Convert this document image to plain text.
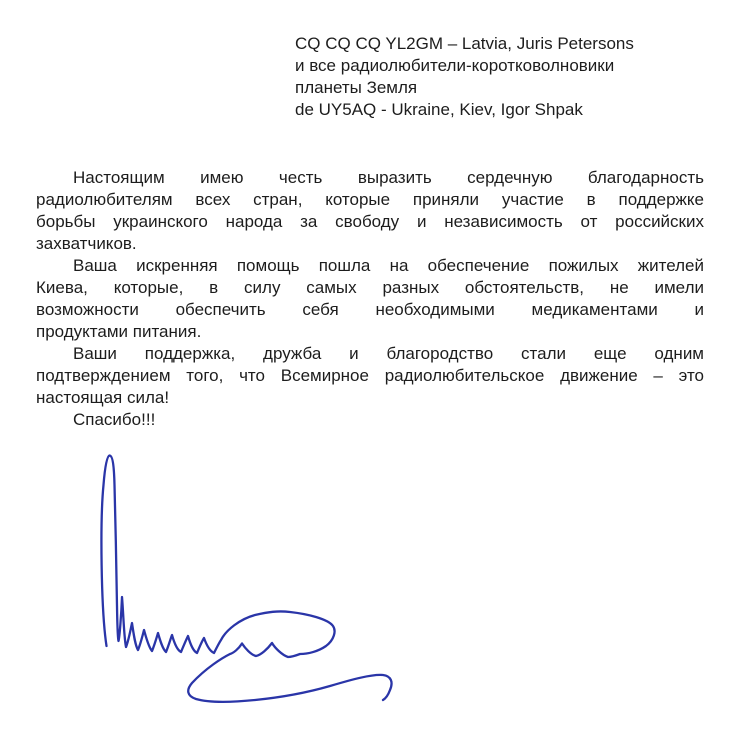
CQ CQ CQ YL2GM – Latvia, Juris Petersons
и все радиолюбители-коротковолновики
планеты Земля
de UY5AQ - Ukraine, Kiev, Igor Shpak
Настоящим имею честь выразить сердечную благодарность
радиолюбителям всех стран, которые приняли участие в поддержке
борьбы украинского народа за свободу и независимость от российских
захватчиков.
Ваша искренняя помощь пошла на обеспечение пожилых жителей
Киева, которые, в силу самых разных обстоятельств, не имели
возможности обеспечить себя необходимыми медикаментами и
продуктами питания.
Ваши поддержка, дружба и благородство стали еще одним
подтверждением того, что Всемирное радиолюбительское движение – это
настоящая сила!
Спасибо!!!
